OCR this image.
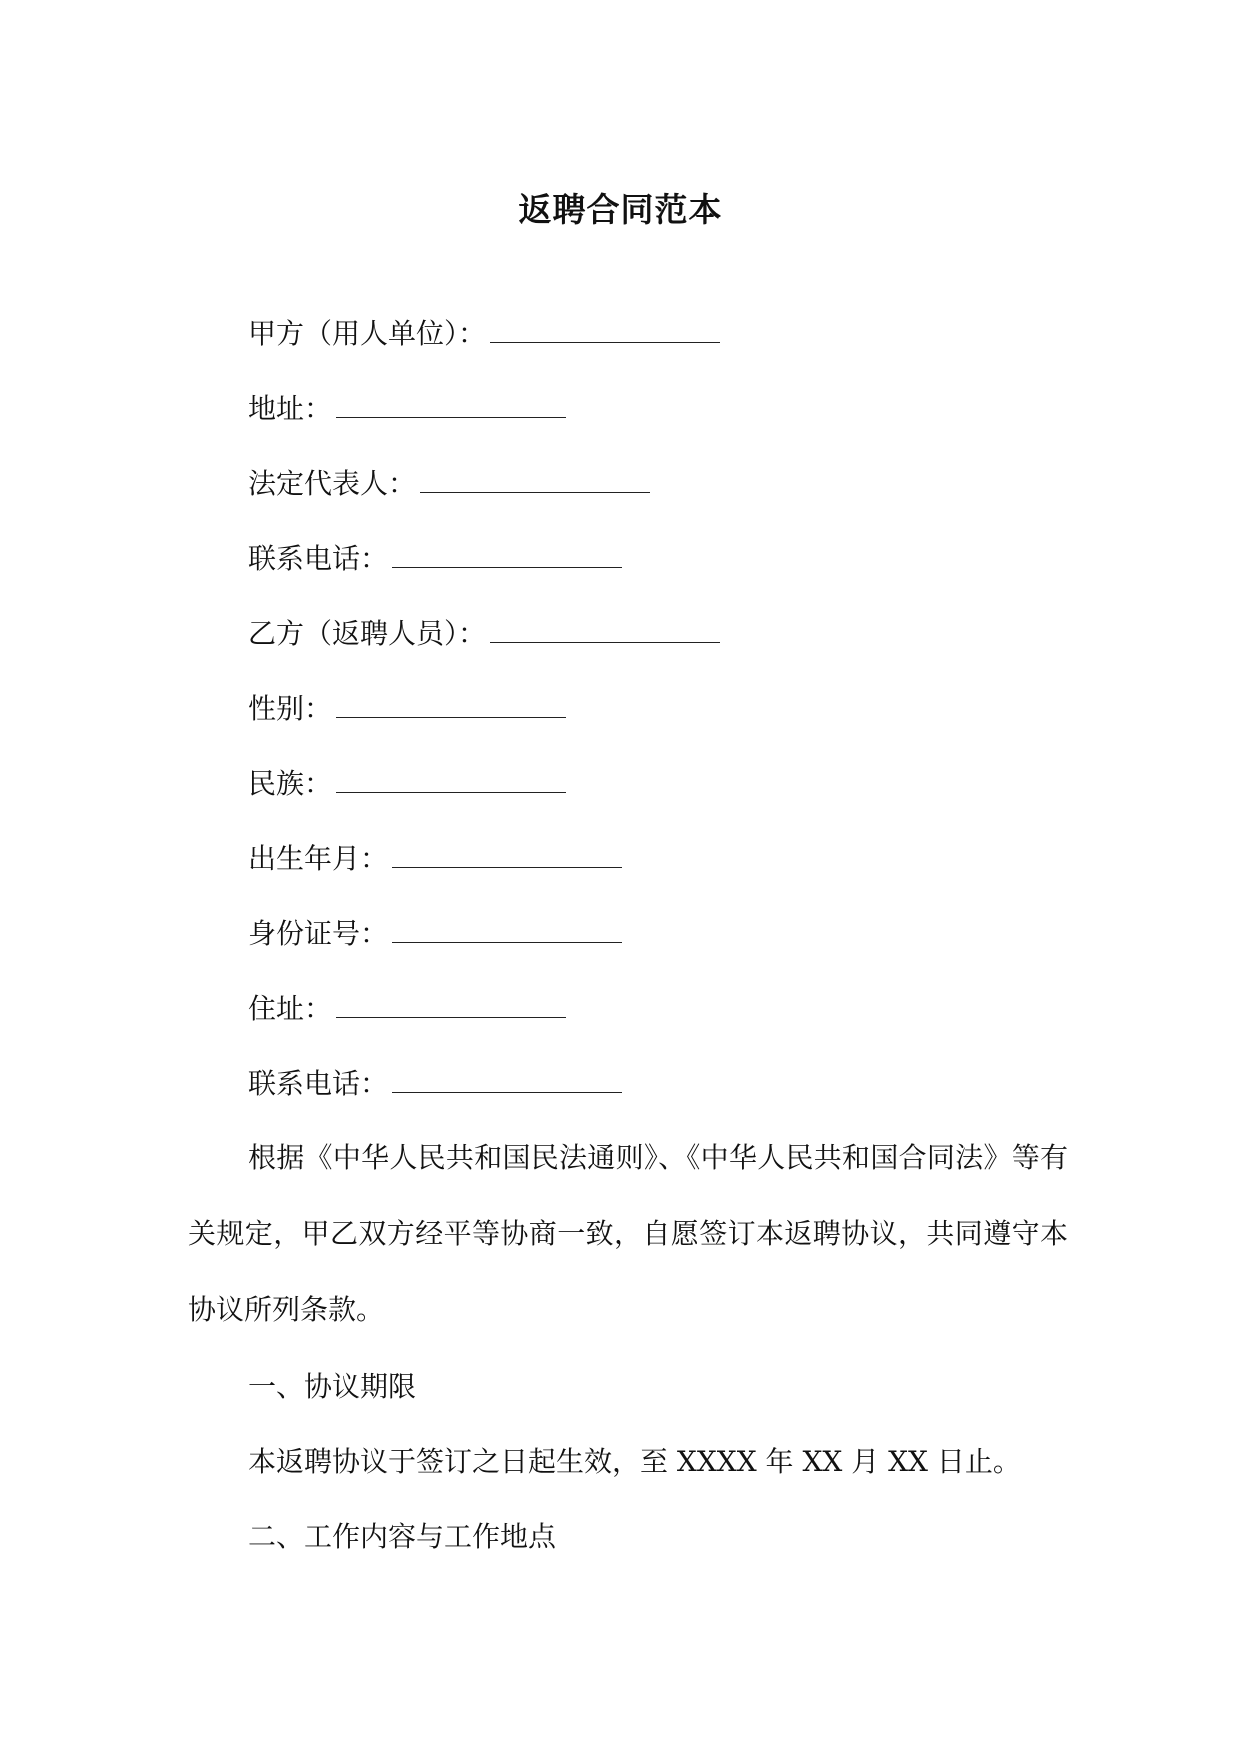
返聘合同范本
甲方（用人单位）：
地址：
法定代表人：
联系电话：
乙方（返聘人员）：
性别：
民族：
出生年月：
身份证号：
住址：
联系电话：

根据《中华人民共和国民法通则》、《中华人民共和国合同法》等有关规定，甲乙双方经平等协商一致，自愿签订本返聘协议，共同遵守本协议所列条款。

一、协议期限

本返聘协议于签订之日起生效，至 XXXX 年 XX 月 XX 日止。

二、工作内容与工作地点
